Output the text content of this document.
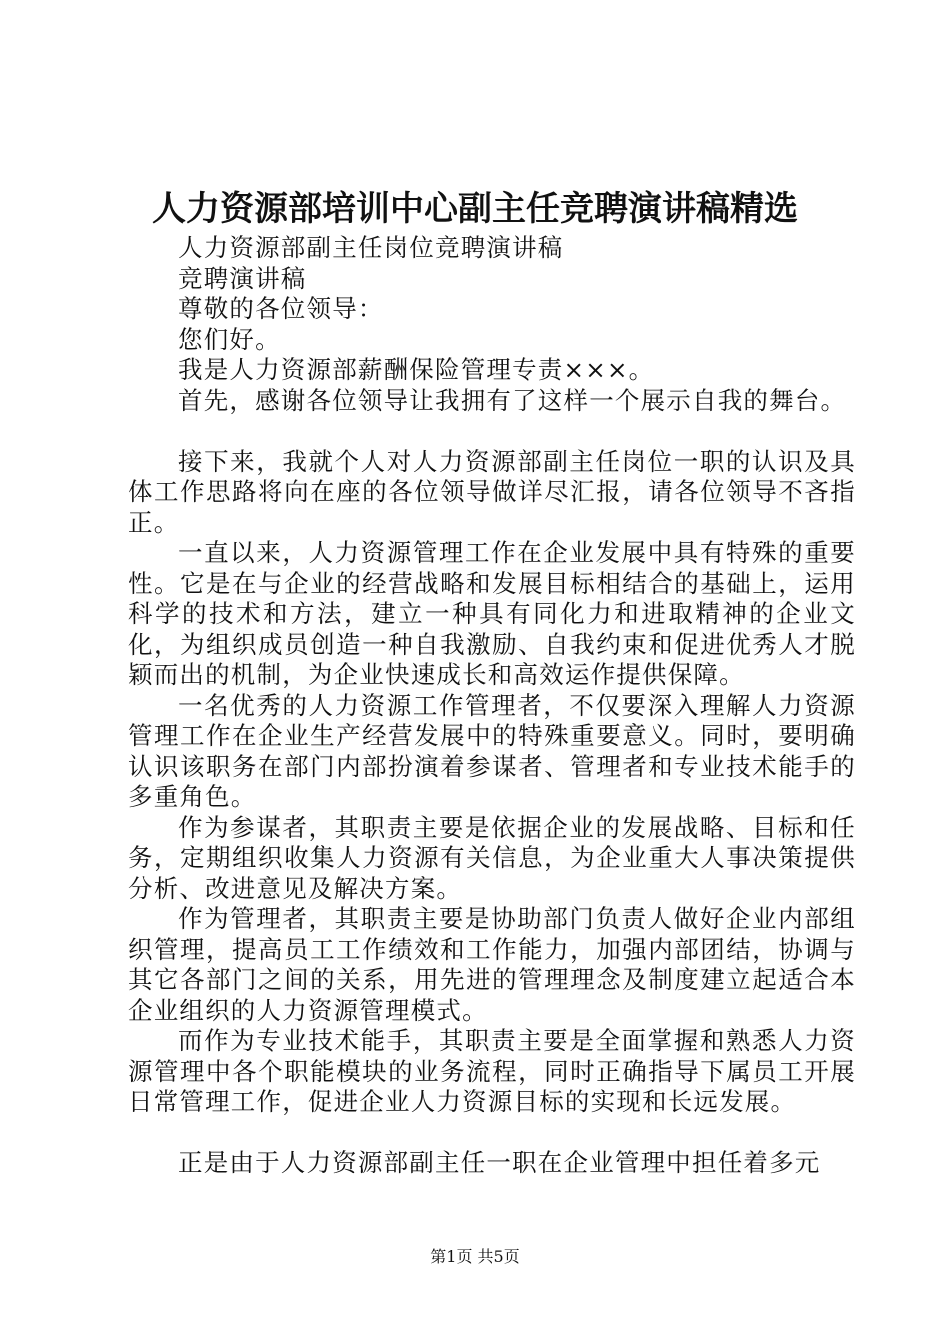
人力资源部培训中心副主任竞聘演讲稿精选
人力资源部副主任岗位竞聘演讲稿
竞聘演讲稿
尊敬的各位领导：
您们好。
我是人力资源部薪酬保险管理专责×××。
首先，感谢各位领导让我拥有了这样一个展示自我的舞台。

接下来，我就个人对人力资源部副主任岗位一职的认识及具体工作思路将向在座的各位领导做详尽汇报，请各位领导不吝指正。

一直以来，人力资源管理工作在企业发展中具有特殊的重要性。它是在与企业的经营战略和发展目标相结合的基础上，运用科学的技术和方法，建立一种具有同化力和进取精神的企业文化，为组织成员创造一种自我激励、自我约束和促进优秀人才脱颖而出的机制，为企业快速成长和高效运作提供保障。

一名优秀的人力资源工作管理者，不仅要深入理解人力资源管理工作在企业生产经营发展中的特殊重要意义。同时，要明确认识该职务在部门内部扮演着参谋者、管理者和专业技术能手的多重角色。

作为参谋者，其职责主要是依据企业的发展战略、目标和任务，定期组织收集人力资源有关信息，为企业重大人事决策提供分析、改进意见及解决方案。

作为管理者，其职责主要是协助部门负责人做好企业内部组织管理，提高员工工作绩效和工作能力，加强内部团结，协调与其它各部门之间的关系，用先进的管理理念及制度建立起适合本企业组织的人力资源管理模式。

而作为专业技术能手，其职责主要是全面掌握和熟悉人力资源管理中各个职能模块的业务流程，同时正确指导下属员工开展日常管理工作，促进企业人力资源目标的实现和长远发展。

正是由于人力资源部副主任一职在企业管理中担任着多元

第1页 共5页
